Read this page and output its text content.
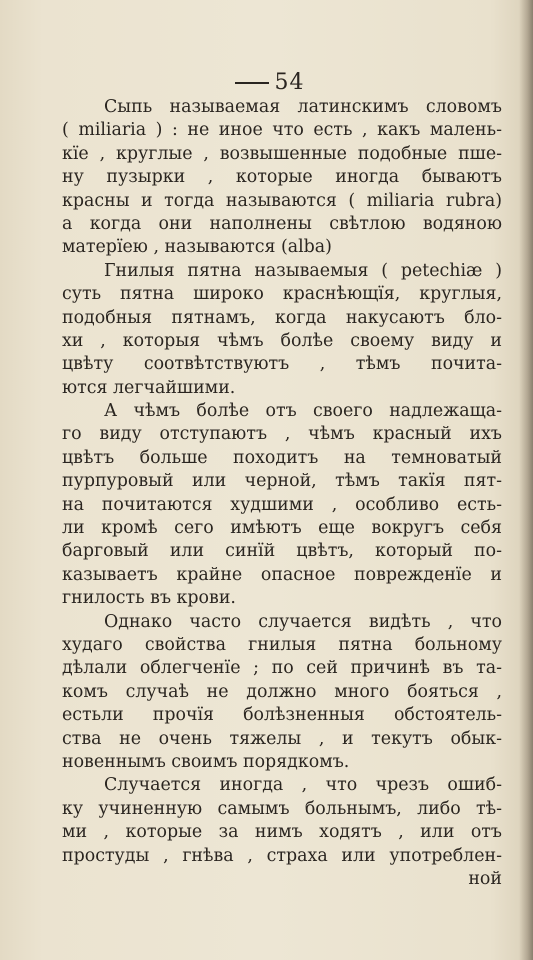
54
Сыпь называемая латинскимъ словомъ
( miliaria ) : не иное что есть , какъ малень-
кïе , круглые , возвышенные подобные пше-
ну пузырки , которые иногда бываютъ
красны и тогда называются ( miliaria rubra)
а когда они наполнены свѣтлою водяною
матерïею , называются (alba)
Гнилыя пятна называемыя ( petechiæ )
суть пятна широко краснѣющïя, круглыя,
подобныя пятнамъ, когда накусаютъ бло-
хи , которыя чѣмъ болѣе своему виду и
цвѣту соотвѣтствуютъ , тѣмъ почита-
ются легчайшими.
А чѣмъ болѣе отъ своего надлежаща-
го виду отступаютъ , чѣмъ красный ихъ
цвѣтъ больше походитъ на темноватый
пурпуровый или черной, тѣмъ такïя пят-
на почитаются худшими , особливо есть-
ли кромѣ сего имѣютъ еще вокругъ себя
барговый или синïй цвѣтъ, который по-
казываетъ крайне опасное поврежденïе и
гнилость въ крови.
Однако часто случается видѣть , что
худаго свойства гнилыя пятна больному
дѣлали облегченïе ; по сей причинѣ въ та-
комъ случаѣ не должно много бояться ,
естьли прочïя болѣзненныя обстоятель-
ства не очень тяжелы , и текутъ обык-
новеннымъ своимъ порядкомъ.
Случается иногда , что чрезъ ошиб-
ку учиненную самымъ больнымъ, либо тѣ-
ми , которые за нимъ ходятъ , или отъ
простуды , гнѣва , страха или употреблен-
ной
